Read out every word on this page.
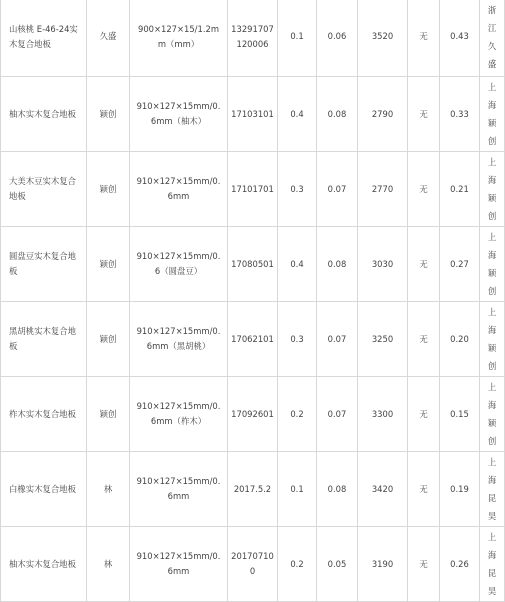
山核桃 E-46-24实木复合地板	久盛	900×127×15/1.2mm（mm）	13291707120006	0.1	0.06	3520	无	0.43	浙江久盛

柚木实木复合地板	颖创	910×127×15mm/0.6mm（柚木）	17103101	0.4	0.08	2790	无	0.33	上海颖创

大美木豆实木复合地板	颖创	910×127×15mm/0.6mm	17101701	0.3	0.07	2770	无	0.21	上海颖创

圆盘豆实木复合地板	颖创	910×127×15mm/0.6（圆盘豆）	17080501	0.4	0.08	3030	无	0.27	上海颖创

黑胡桃实木复合地板	颖创	910×127×15mm/0.6mm（黑胡桃）	17062101	0.3	0.07	3250	无	0.20	上海颖创

柞木实木复合地板	颖创	910×127×15mm/0.6mm（柞木）	17092601	0.2	0.07	3300	无	0.15	上海颖创

白橡实木复合地板	林	910×127×15mm/0.6mm	2017.5.2	0.1	0.08	3420	无	0.19	上海昆昊

柚木实木复合地板	林	910×127×15mm/0.6mm	201707100	0.2	0.05	3190	无	0.26	上海昆昊
